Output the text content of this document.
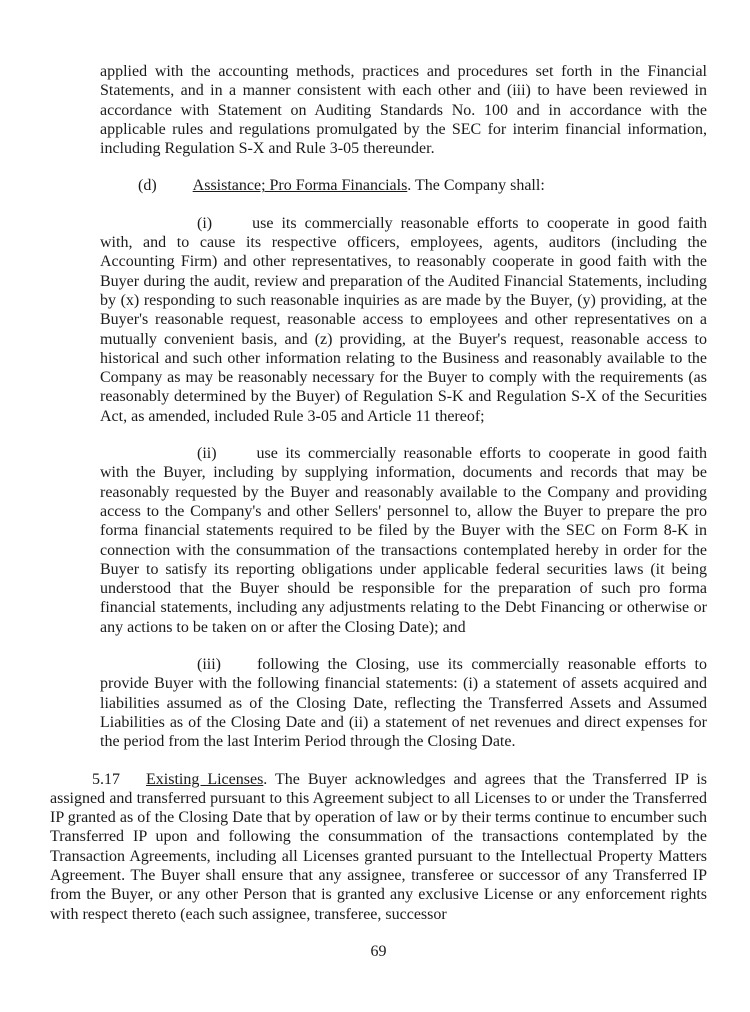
applied with the accounting methods, practices and procedures set forth in the Financial Statements, and in a manner consistent with each other and (iii) to have been reviewed in accordance with Statement on Auditing Standards No. 100 and in accordance with the applicable rules and regulations promulgated by the SEC for interim financial information, including Regulation S-X and Rule 3-05 thereunder.

(d) Assistance; Pro Forma Financials. The Company shall:

(i)	use its commercially reasonable efforts to cooperate in good faith with, and to cause its respective officers, employees, agents, auditors (including the Accounting Firm) and other representatives, to reasonably cooperate in good faith with the Buyer during the audit, review and preparation of the Audited Financial Statements, including by (x) responding to such reasonable inquiries as are made by the Buyer, (y) providing, at the Buyer's reasonable request, reasonable access to employees and other representatives on a mutually convenient basis, and (z) providing, at the Buyer's request, reasonable access to historical and such other information relating to the Business and reasonably available to the Company as may be reasonably necessary for the Buyer to comply with the requirements (as reasonably determined by the Buyer) of Regulation S-K and Regulation S-X of the Securities Act, as amended, included Rule 3-05 and Article 11 thereof;

(ii)	use its commercially reasonable efforts to cooperate in good faith with the Buyer, including by supplying information, documents and records that may be reasonably requested by the Buyer and reasonably available to the Company and providing access to the Company's and other Sellers' personnel to, allow the Buyer to prepare the pro forma financial statements required to be filed by the Buyer with the SEC on Form 8-K in connection with the consummation of the transactions contemplated hereby in order for the Buyer to satisfy its reporting obligations under applicable federal securities laws (it being understood that the Buyer should be responsible for the preparation of such pro forma financial statements, including any adjustments relating to the Debt Financing or otherwise or any actions to be taken on or after the Closing Date); and

(iii) following the Closing, use its commercially reasonable efforts to provide Buyer with the following financial statements: (i) a statement of assets acquired and liabilities assumed as of the Closing Date, reflecting the Transferred Assets and Assumed Liabilities as of the Closing Date and (ii) a statement of net revenues and direct expenses for the period from the last Interim Period through the Closing Date.

5.17 Existing Licenses. The Buyer acknowledges and agrees that the Transferred IP is assigned and transferred pursuant to this Agreement subject to all Licenses to or under the Transferred IP granted as of the Closing Date that by operation of law or by their terms continue to encumber such Transferred IP upon and following the consummation of the transactions contemplated by the Transaction Agreements, including all Licenses granted pursuant to the Intellectual Property Matters Agreement. The Buyer shall ensure that any assignee, transferee or successor of any Transferred IP from the Buyer, or any other Person that is granted any exclusive License or any enforcement rights with respect thereto (each such assignee, transferee, successor

69
